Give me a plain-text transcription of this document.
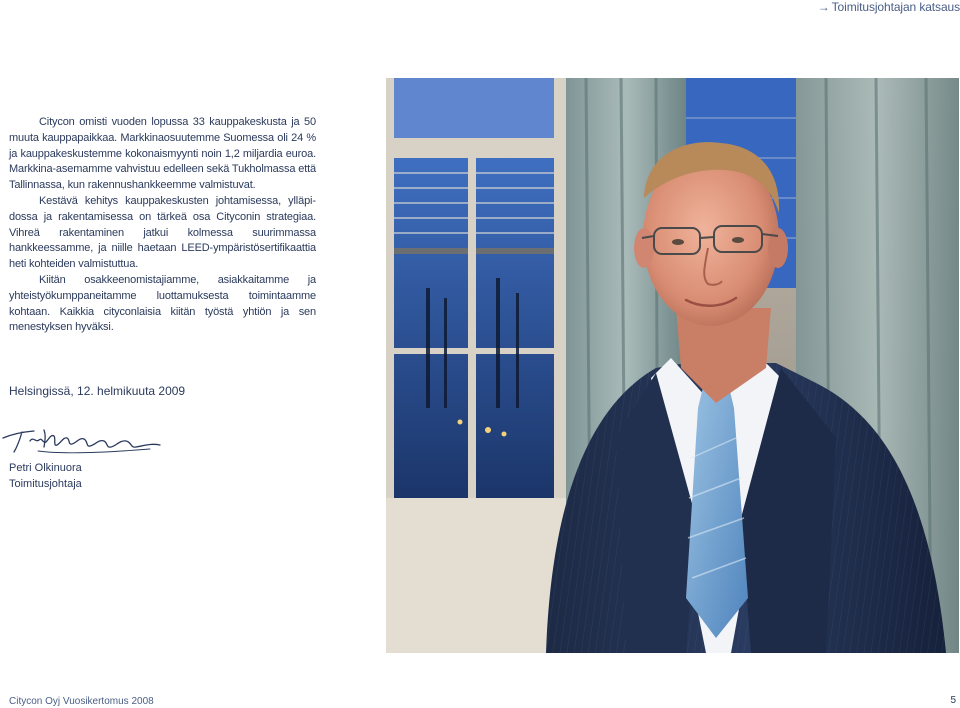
→ Toimitusjohtajan katsaus

Citycon omisti vuoden lopussa 33 kauppakeskusta ja 50 muuta kauppapaikkaa. Markkinaosuutemme Suomessa oli 24 % ja kauppakeskustemme kokonaismyynti noin 1,2 miljardia euroa. Markkina-asemamme vahvistuu edelleen sekä Tukholmassa että Tallinnassa, kun rakennushankkeemme valmistuvat.

Kestävä kehitys kauppakeskusten johtamisessa, ylläpidossa ja rakentamisessa on tärkeä osa Cityconin strategiaa. Vihreä rakentaminen jatkui kolmessa suurimmassa hankkeessamme, ja niille haetaan LEED-ympäristösertifikaattia heti kohteiden valmistuttua.

Kiitän osakkeenomistajiamme, asiakkaitamme ja yhteistyökumppaneitamme luottamuksesta toimintaamme kohtaan. Kaikkia cityconlaisia kiitän työstä yhtiön ja sen menestyksen hyväksi.

Helsingissä, 12. helmikuuta 2009
Petri Olkinuora
Toimitusjohtaja
Citycon Oyj Vuosikertomus 2008	5
